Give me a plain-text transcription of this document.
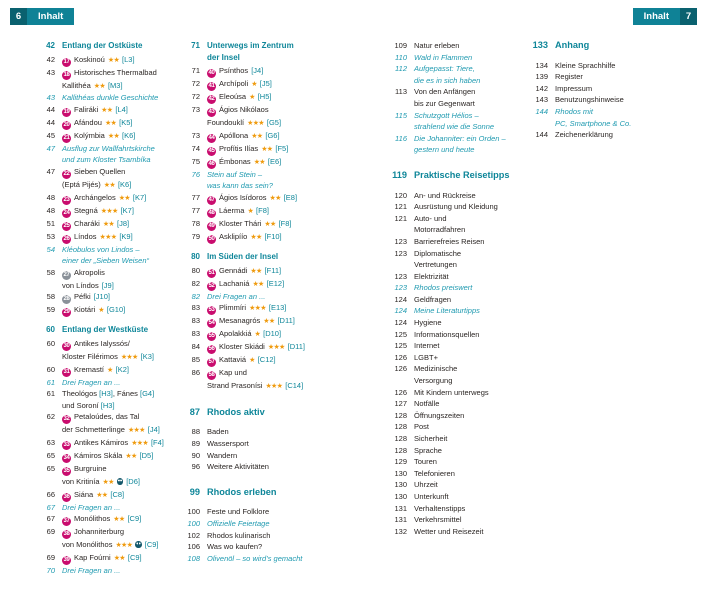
6	Inhalt	Inhalt	7
42 Entlang der Ostküste
42 17 Koskinoú ★★ [L3]
43 18 Historisches Thermalbad
Kallithéa ★★ [M3]
43 Kallithéas dunkle Geschichte
44 19 Faliráki ★★ [L4]
44 20 Afándou ★★ [K5]
45 21 Kolýmbia ★★ [K6]
47 Ausflug zur Wallfahrtskirche
und zum Kloster Tsambíka
47 22 Sieben Quellen
(Eptá Pijés) ★★ [K6]
48 23 Archángelos ★★ [K7]
48 24 Stegná ★★★ [K7]
51 25 Charáki ★★ [J8]
53 26 Líndos ★★★ [K9]
54 Kléobulos von Lindos –
einer der „Sieben Weisen“
58 27 Akropolis
von Líndos [J9]
58 28 Péfki [J10]
59 29 Kiotári ★ [G10]
60 Entlang der Westküste
60 30 Antikes Ialyssós/
Kloster Filérimos ★★★ [K3]
60 31 Kremastí ★ [K2]
61 Drei Fragen an ...
61 Theológos [H3], Fánes [G4]
und Soroní [H3]
62 32 Petaloúdes, das Tal
der Schmetterlinge ★★★ [J4]
63 33 Antikes Kámiros ★★★ [F4]
65 34 Kámiros Skála ★★ [D5]
65 35 Burgruine
von Kritinía ★★ [D6]
66 36 Siána ★★ [C8]
67 Drei Fragen an ...
67 37 Monólithos ★★ [C9]
69 38 Johanniterburg
von Monólithos ★★★ [C9]
69 39 Kap Foúrni ★★ [C9]
70 Drei Fragen an ...
71 Unterwegs im Zentrum
der Insel
71 40 Psínthos [J4]
72 41 Archípoli ★ [J5]
72 42 Eleoúsa ★ [H5]
73 43 Ágios Nikólaos
Foundouklí ★★★ [G5]
73 44 Apóllona ★★ [G6]
74 45 Profítis Ilías ★★ [F5]
75 46 Émbonas ★★ [E6]
76 Stein auf Stein –
was kann das sein?
77 47 Ágios Isídoros ★★ [E8]
77 48 Láerma ★ [F8]
78 49 Kloster Thári ★★ [F8]
79 50 Asklipíío ★★ [F10]
80 Im Süden der Insel
80 51 Gennádi ★★ [F11]
82 52 Lachaniá ★★ [E12]
82 Drei Fragen an ...
83 53 Plimmíri ★★★ [E13]
83 54 Mesanagrós ★★ [D11]
83 55 Apolakkiá ★ [D10]
84 56 Kloster Skiádi ★★★ [D11]
85 57 Kattaviá ★ [C12]
86 58 Kap und
Strand Prasonísi ★★★ [C14]
87 Rhodos aktiv
88 Baden
89 Wassersport
90 Wandern
96 Weitere Aktivitäten
99 Rhodos erleben
100 Feste und Folklore
100 Offizielle Feiertage
102 Rhodos kulinarisch
106 Was wo kaufen?
108 Olivenöl – so wird’s gemacht
109 Natur erleben
110 Wald in Flammen
112 Aufgepasst: Tiere,
die es in sich haben
113 Von den Anfängen
bis zur Gegenwart
115 Schutzgott Hélios –
strahlend wie die Sonne
116 Die Johanniter: ein Orden –
gestern und heute
119 Praktische Reisetipps
120 An- und Rückreise
121 Ausrüstung und Kleidung
121 Auto- und
Motorradfahren
123 Barrierefreies Reisen
123 Diplomatische
Vertretungen
123 Elektrizität
123 Rhodos preiswert
124 Geldfragen
124 Meine Literaturtipps
124 Hygiene
125 Informationsquellen
125 Internet
126 LGBT+
126 Medizinische
Versorgung
126 Mit Kindern unterwegs
127 Notfälle
128 Öffnungszeiten
128 Post
128 Sicherheit
128 Sprache
129 Touren
130 Telefonieren
130 Uhrzeit
130 Unterkunft
131 Verhaltenstipps
131 Verkehrsmittel
132 Wetter und Reisezeit
133 Anhang
134 Kleine Sprachhilfe
139 Register
142 Impressum
143 Benutzungshinweise
144 Rhodos mit
PC, Smartphone & Co.
144 Zeichenerklärung
